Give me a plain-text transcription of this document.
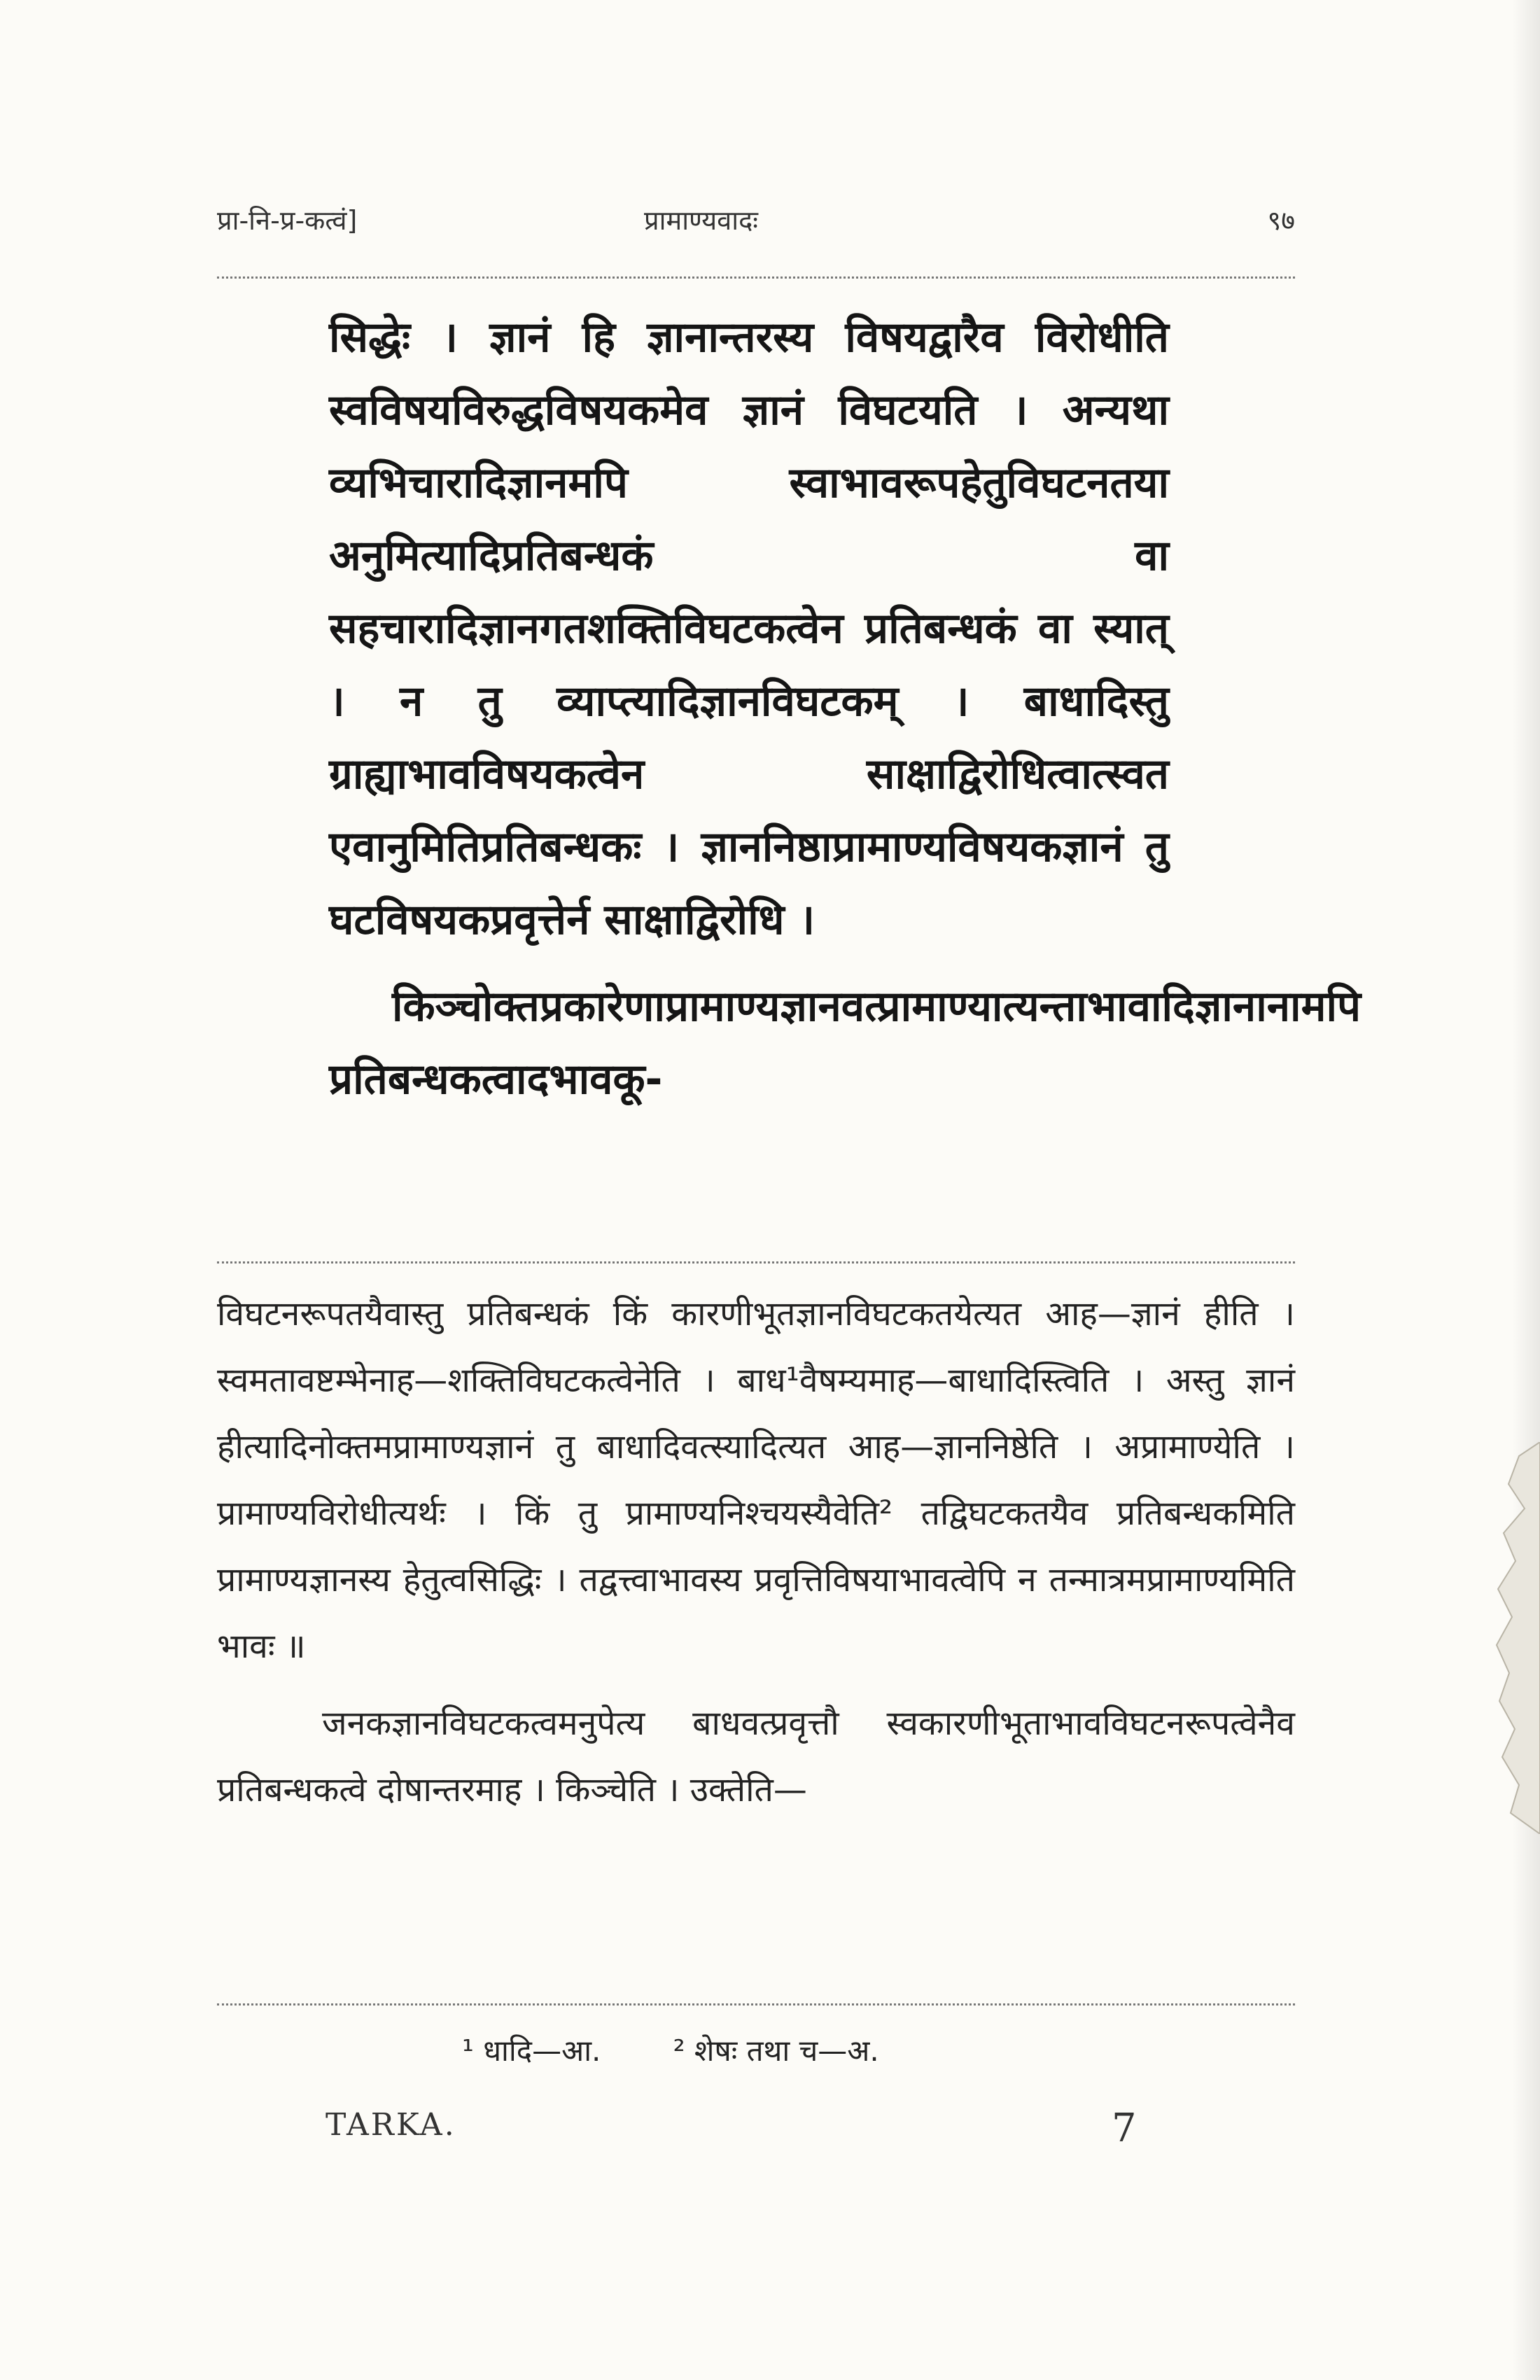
प्रा-नि-प्र-कत्वं]	प्रामाण्यवादः	९७

सिद्धेः । ज्ञानं हि ज्ञानान्तरस्य विषयद्वारैव विरोधीति स्वविषयविरुद्धविषयकमेव ज्ञानं विघटयति । अन्यथा व्यभिचारादिज्ञानमपि स्वाभावरूपहेतुविघटनतया अनुमित्यादिप्रतिबन्धकं वा सहचारादिज्ञानगतशक्तिविघटकत्वेन प्रतिबन्धकं वा स्यात् । न तु व्याप्त्यादिज्ञानविघटकम् । बाधादिस्तु ग्राह्याभावविषयकत्वेन साक्षाद्विरोधित्वात्स्वत एवानुमितिप्रतिबन्धकः । ज्ञाननिष्ठाप्रामाण्यविषयकज्ञानं तु घटविषयकप्रवृत्तेर्न साक्षाद्विरोधि ।

किञ्चोक्तप्रकारेणाप्रामाण्यज्ञानवत्प्रामाण्यात्यन्ताभावादिज्ञानानामपि प्रतिबन्धकत्वादभावकू-

विघटनरूपतयैवास्तु प्रतिबन्धकं किं कारणीभूतज्ञानविघटकतयेत्यत आह—ज्ञानं हीति । स्वमतावष्टम्भेनाह—शक्तिविघटकत्वेनेति । बाध¹वैषम्यमाह—बाधादिस्त्विति । अस्तु ज्ञानं हीत्यादिनोक्तमप्रामाण्यज्ञानं तु बाधादिवत्स्यादित्यत आह—ज्ञाननिष्ठेति । अप्रामाण्येति । प्रामाण्यविरोधीत्यर्थः । किं तु प्रामाण्यनिश्चयस्यैवेति² तद्विघटकतयैव प्रतिबन्धकमिति प्रामाण्यज्ञानस्य हेतुत्वसिद्धिः । तद्वत्त्वाभावस्य प्रवृत्तिविषयाभावत्वेपि न तन्मात्रमप्रामाण्यमिति भावः ॥

जनकज्ञानविघटकत्वमनुपेत्य बाधवत्प्रवृत्तौ स्वकारणीभूताभावविघटनरूपत्वेनैव प्रतिबन्धकत्वे दोषान्तरमाह । किञ्चेति । उक्तेति—

¹ धादि—आ. ² शेषः तथा च—अ.
TARKA.	7
